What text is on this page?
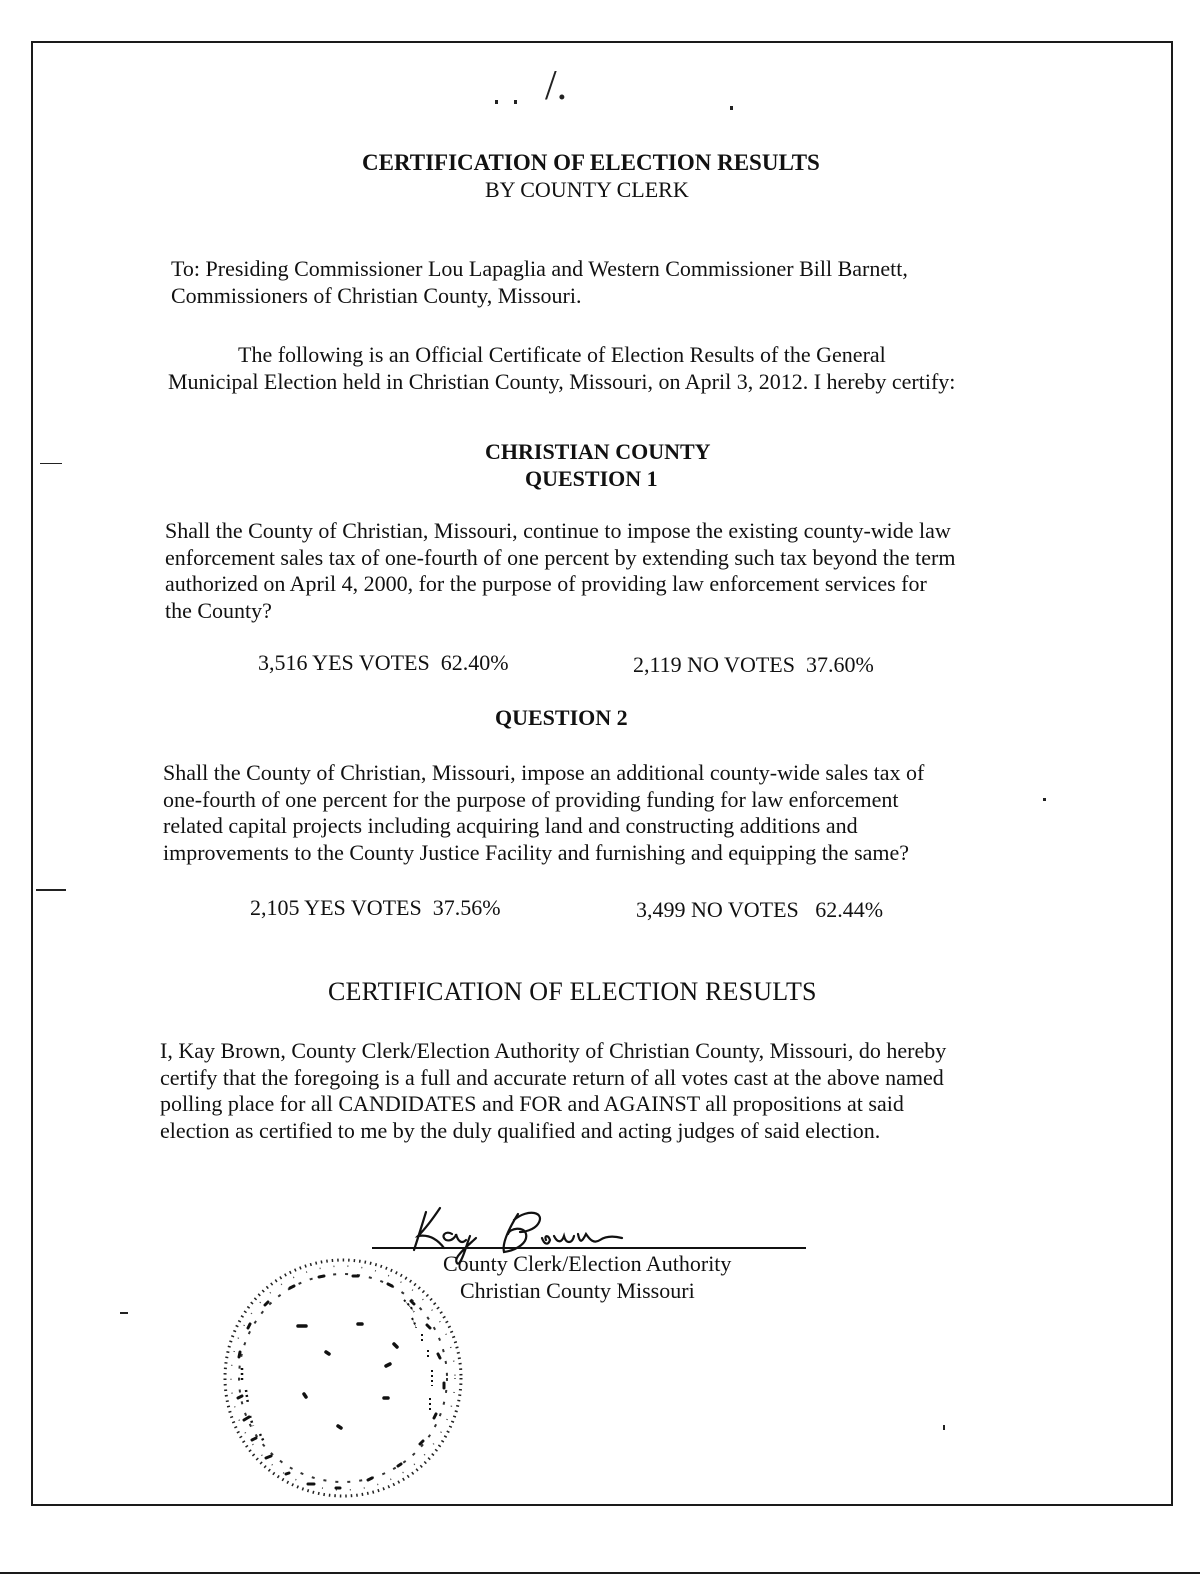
/.
CERTIFICATION OF ELECTION RESULTS
BY COUNTY CLERK
To: Presiding Commissioner Lou Lapaglia and Western Commissioner Bill Barnett,
Commissioners of Christian County, Missouri.
The following is an Official Certificate of Election Results of the General
Municipal Election held in Christian County, Missouri, on April 3, 2012. I hereby certify:
CHRISTIAN COUNTY
QUESTION 1
Shall the County of Christian, Missouri, continue to impose the existing county-wide law
enforcement sales tax of one-fourth of one percent by extending such tax beyond the term
authorized on April 4, 2000, for the purpose of providing law enforcement services for
the County?
3,516 YES VOTES  62.40%	2,119 NO VOTES  37.60%
QUESTION 2
Shall the County of Christian, Missouri, impose an additional county-wide sales tax of
one-fourth of one percent for the purpose of providing funding for law enforcement
related capital projects including acquiring land and constructing additions and
improvements to the County Justice Facility and furnishing and equipping the same?
2,105 YES VOTES  37.56%	3,499 NO VOTES   62.44%
CERTIFICATION OF ELECTION RESULTS
I, Kay Brown, County Clerk/Election Authority of Christian County, Missouri, do hereby
certify that the foregoing is a full and accurate return of all votes cast at the above named
polling place for all CANDIDATES and FOR and AGAINST all propositions at said
election as certified to me by the duly qualified and acting judges of said election.
County Clerk/Election Authority
Christian County Missouri
